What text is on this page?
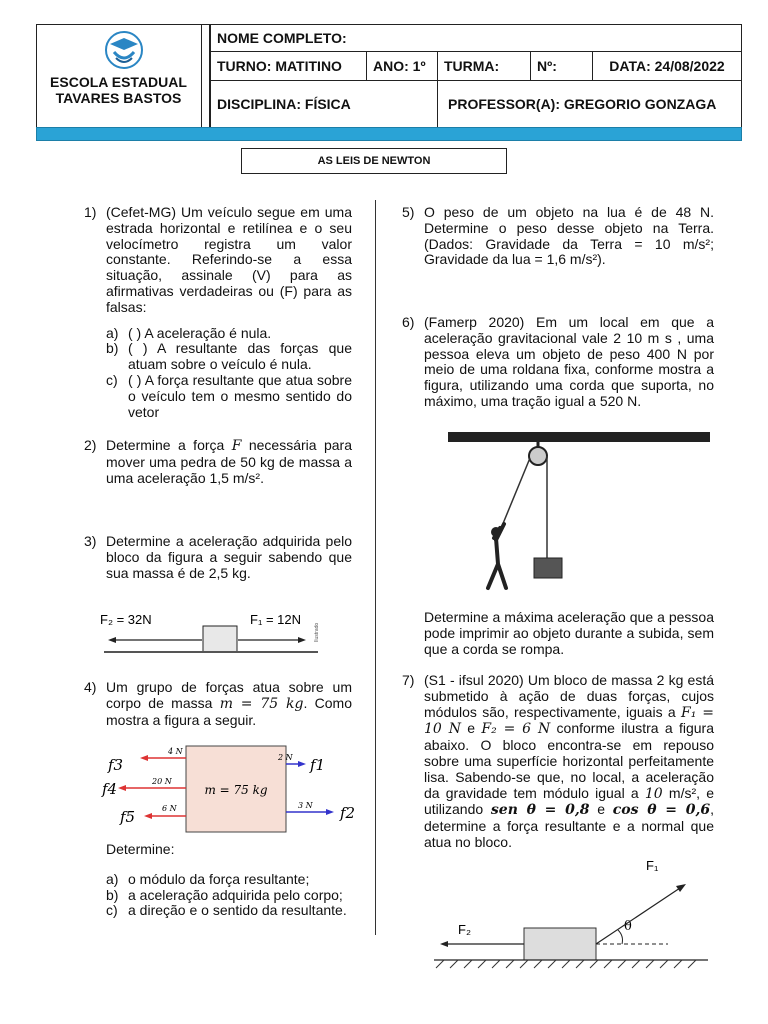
ESCOLA ESTADUAL
TAVARES BASTOS
NOME COMPLETO:
TURNO: MATITINO	ANO: 1º	TURMA:	Nº:	DATA: 24/08/2022
DISCIPLINA: FÍSICA	PROFESSOR(A): GREGORIO GONZAGA
AS LEIS DE NEWTON
1) (Cefet-MG) Um veículo segue em uma estrada horizontal e retilínea e o seu velocímetro registra um valor constante. Referindo-se a essa situação, assinale (V) para as afirmativas verdadeiras ou (F) para as falsas:
a) ( ) A aceleração é nula.
b) ( ) A resultante das forças que atuam sobre o veículo é nula.
c) ( ) A força resultante que atua sobre o veículo tem o mesmo sentido do vetor
2) Determine a força F necessária para mover uma pedra de 50 kg de massa a uma aceleração 1,5 m/s².
3) Determine a aceleração adquirida pelo bloco da figura a seguir sabendo que sua massa é de 2,5 kg.
F₂ = 32N	F₁ = 12N
Ilustrado
4) Um grupo de forças atua sobre um corpo de massa m = 75 kg. Como mostra a figura a seguir.
m = 75 kg
4 N
f3
20 N
f4
6 N
f5
2 N f1
3 N f2
Determine:
a) o módulo da força resultante;
b) a aceleração adquirida pelo corpo;
c) a direção e o sentido da resultante.
5) O peso de um objeto na lua é de 48 N. Determine o peso desse objeto na Terra. (Dados: Gravidade da Terra = 10 m/s²; Gravidade da lua = 1,6 m/s²).
6) (Famerp 2020) Em um local em que a aceleração gravitacional vale 2 10 m s , uma pessoa eleva um objeto de peso 400 N por meio de uma roldana fixa, conforme mostra a figura, utilizando uma corda que suporta, no máximo, uma tração igual a 520 N.
Determine a máxima aceleração que a pessoa pode imprimir ao objeto durante a subida, sem que a corda se rompa.
7) (S1 - ifsul 2020) Um bloco de massa 2 kg está submetido à ação de duas forças, cujos módulos são, respectivamente, iguais a F₁ = 10 N e F₂ = 6 N conforme ilustra a figura abaixo. O bloco encontra-se em repouso sobre uma superfície horizontal perfeitamente lisa. Sabendo-se que, no local, a aceleração da gravidade tem módulo igual a 10 m/s², e utilizando sen θ = 0,8 e cos θ = 0,6, determine a força resultante e a normal que atua no bloco.
F₁
F₂	θ
